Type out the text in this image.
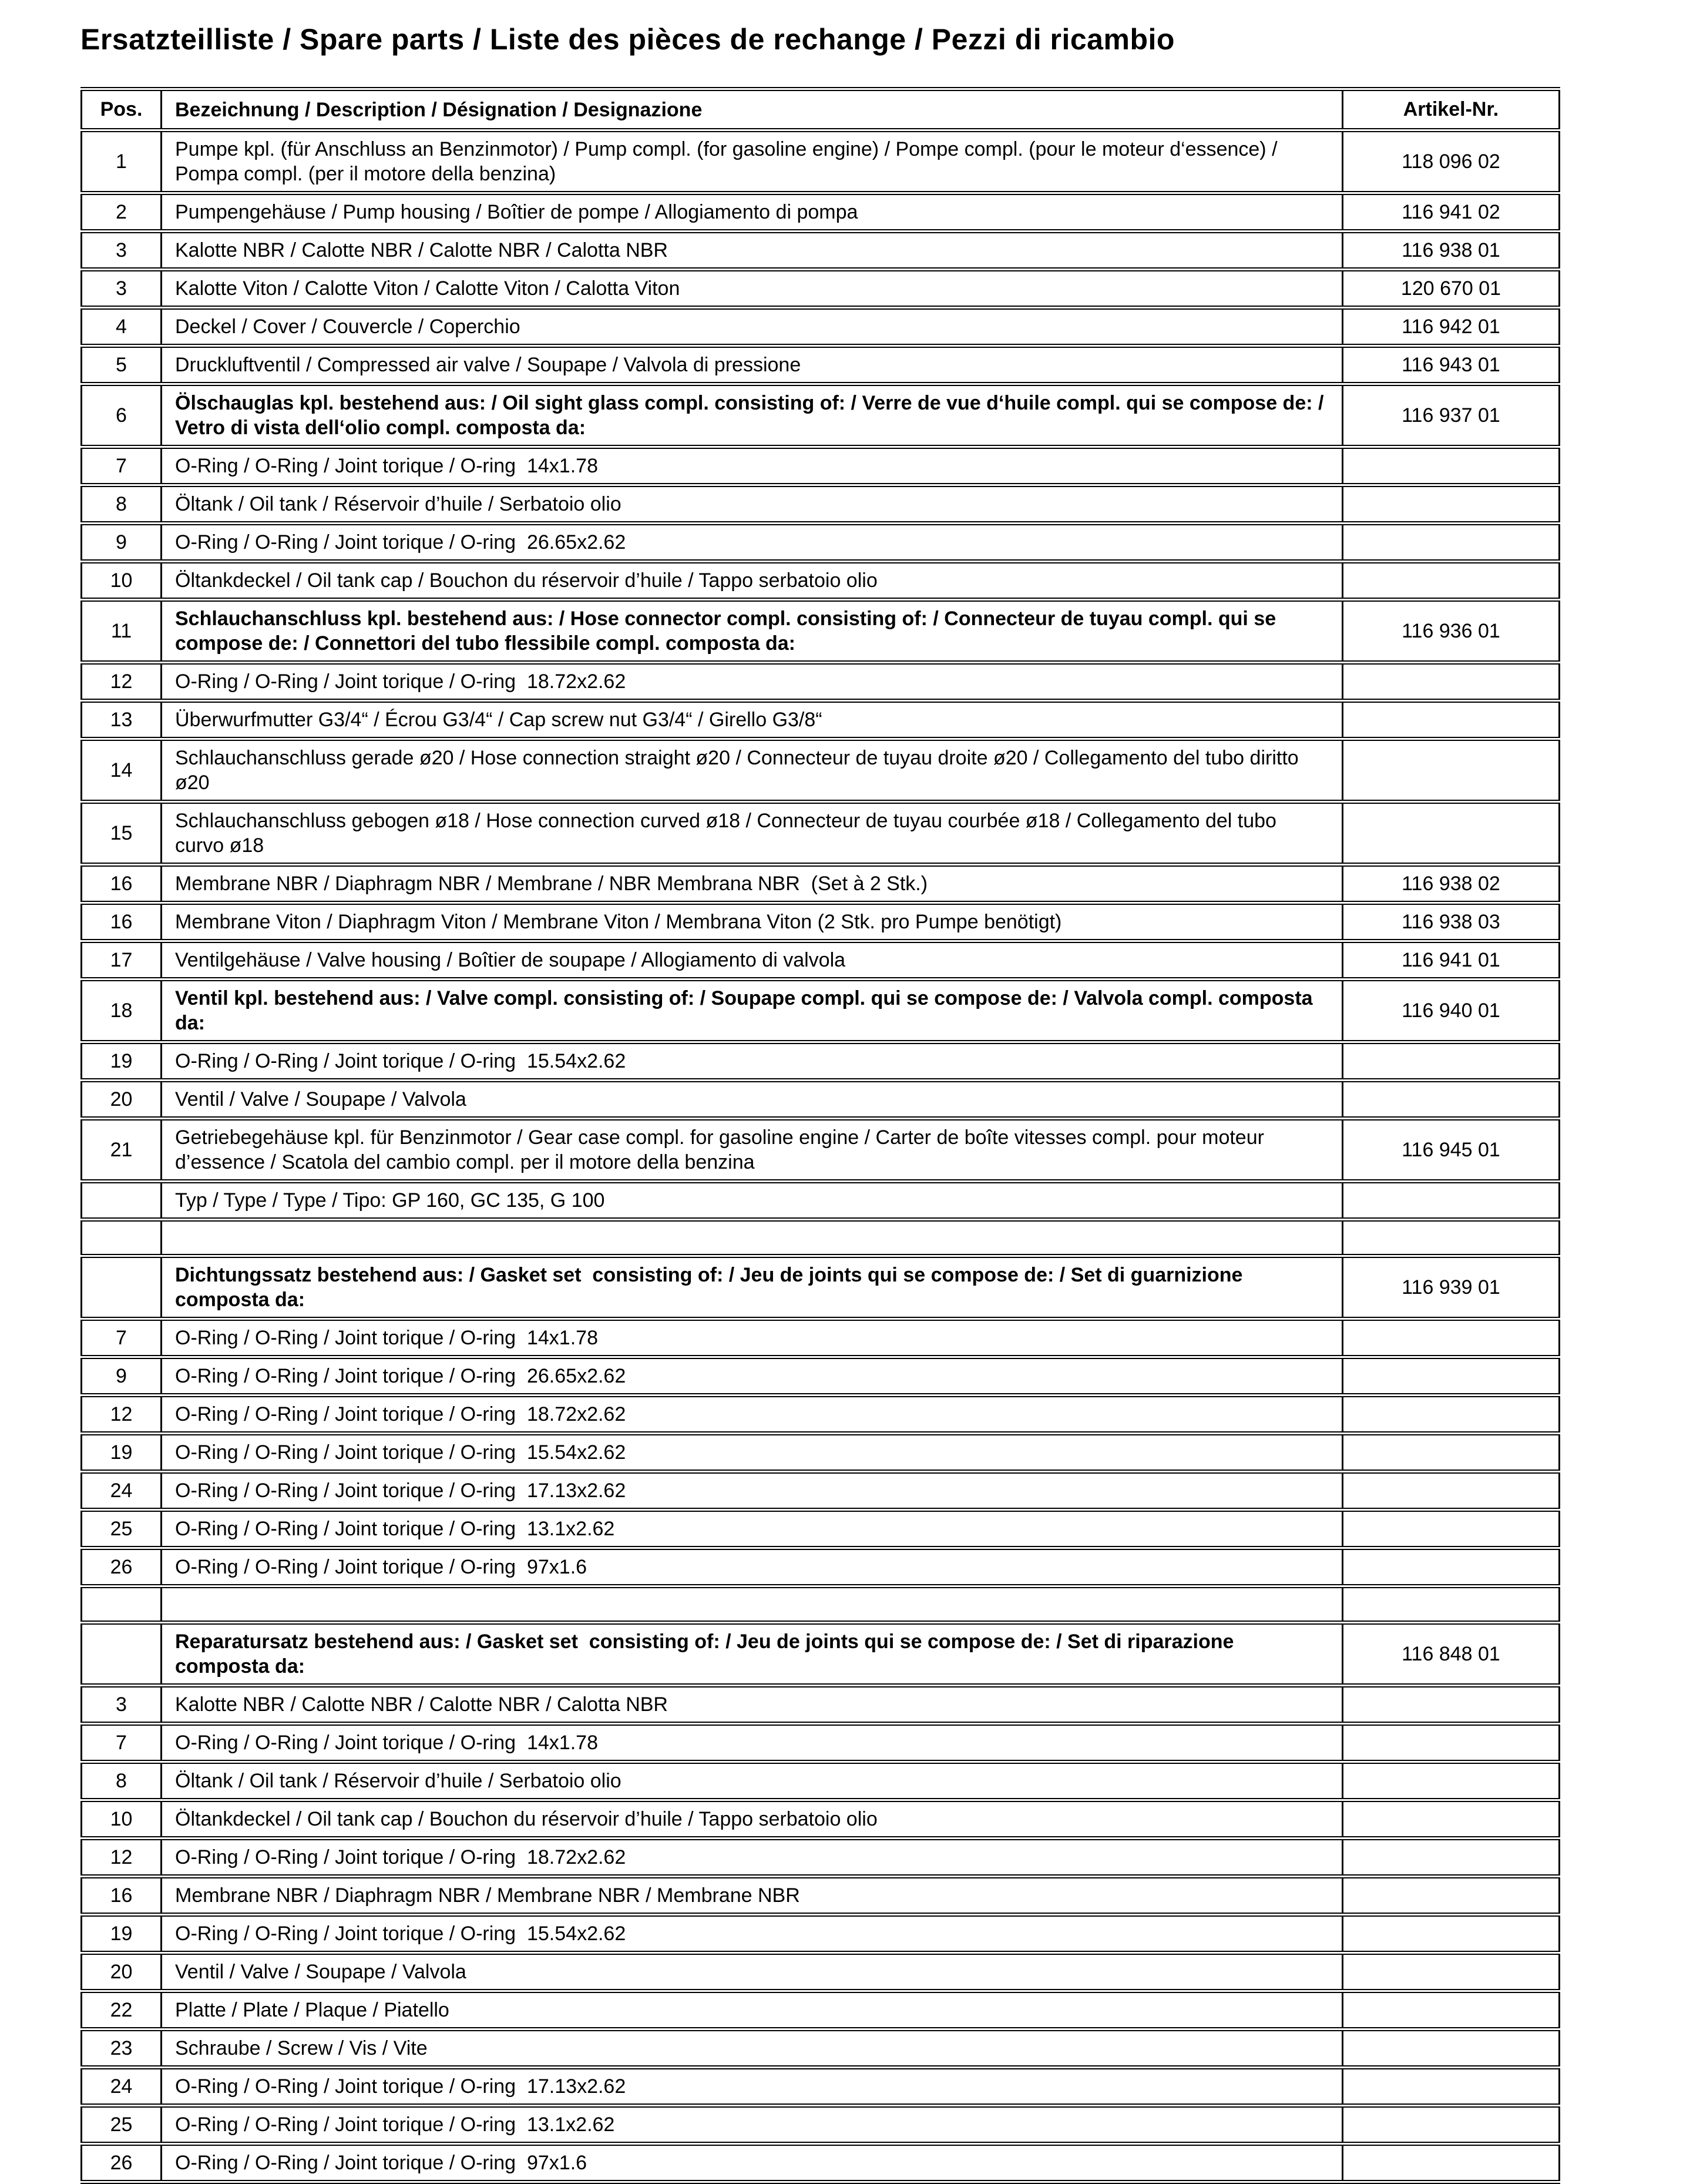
Ersatzteilliste / Spare parts / Liste des pièces de rechange / Pezzi di ricambio
Pos.	Bezeichnung / Description / Désignation / Designazione	Artikel-Nr.
1	Pumpe kpl. (für Anschluss an Benzinmotor) / Pump compl. (for gasoline engine) / Pompe compl. (pour le moteur d‘essence) / Pompa compl. (per il motore della benzina)	118 096 02
2	Pumpengehäuse / Pump housing / Boîtier de pompe / Allogiamento di pompa	116 941 02
3	Kalotte NBR / Calotte NBR / Calotte NBR / Calotta NBR	116 938 01
3	Kalotte Viton / Calotte Viton / Calotte Viton / Calotta Viton	120 670 01
4	Deckel / Cover / Couvercle / Coperchio	116 942 01
5	Druckluftventil / Compressed air valve / Soupape / Valvola di pressione	116 943 01
6	Ölschauglas kpl. bestehend aus: / Oil sight glass compl. consisting of: / Verre de vue d‘huile compl. qui se compose de: / Vetro di vista dell‘olio compl. composta da:	116 937 01
7	O-Ring / O-Ring / Joint torique / O-ring  14x1.78	
8	Öltank / Oil tank / Réservoir d’huile / Serbatoio olio	
9	O-Ring / O-Ring / Joint torique / O-ring  26.65x2.62	
10	Öltankdeckel / Oil tank cap / Bouchon du réservoir d’huile / Tappo serbatoio olio	
11	Schlauchanschluss kpl. bestehend aus: / Hose connector compl. consisting of: / Connecteur de tuyau compl. qui se compose de: / Connettori del tubo flessibile compl. composta da:	116 936 01
12	O-Ring / O-Ring / Joint torique / O-ring  18.72x2.62	
13	Überwurfmutter G3/4“ / Écrou G3/4“ / Cap screw nut G3/4“ / Girello G3/8“	
14	Schlauchanschluss gerade ø20 / Hose connection straight ø20 / Connecteur de tuyau droite ø20 / Collegamento del tubo diritto ø20	
15	Schlauchanschluss gebogen ø18 / Hose connection curved ø18 / Connecteur de tuyau courbée ø18 / Collegamento del tubo curvo ø18	
16	Membrane NBR / Diaphragm NBR / Membrane / NBR Membrana NBR  (Set à 2 Stk.)	116 938 02
16	Membrane Viton / Diaphragm Viton / Membrane Viton / Membrana Viton (2 Stk. pro Pumpe benötigt)	116 938 03
17	Ventilgehäuse / Valve housing / Boîtier de soupape / Allogiamento di valvola	116 941 01
18	Ventil kpl. bestehend aus: / Valve compl. consisting of: / Soupape compl. qui se compose de: / Valvola compl. composta da:	116 940 01
19	O-Ring / O-Ring / Joint torique / O-ring  15.54x2.62	
20	Ventil / Valve / Soupape / Valvola	
21	Getriebegehäuse kpl. für Benzinmotor / Gear case compl. for gasoline engine / Carter de boîte vitesses compl. pour moteur d’essence / Scatola del cambio compl. per il motore della benzina	116 945 01
	Typ / Type / Type / Tipo: GP 160, GC 135, G 100	

	Dichtungssatz bestehend aus: / Gasket set  consisting of: / Jeu de joints qui se compose de: / Set di guarnizione composta da:	116 939 01
7	O-Ring / O-Ring / Joint torique / O-ring  14x1.78	
9	O-Ring / O-Ring / Joint torique / O-ring  26.65x2.62	
12	O-Ring / O-Ring / Joint torique / O-ring  18.72x2.62	
19	O-Ring / O-Ring / Joint torique / O-ring  15.54x2.62	
24	O-Ring / O-Ring / Joint torique / O-ring  17.13x2.62	
25	O-Ring / O-Ring / Joint torique / O-ring  13.1x2.62	
26	O-Ring / O-Ring / Joint torique / O-ring  97x1.6	

	Reparatursatz bestehend aus: / Gasket set  consisting of: / Jeu de joints qui se compose de: / Set di riparazione composta da:	116 848 01
3	Kalotte NBR / Calotte NBR / Calotte NBR / Calotta NBR	
7	O-Ring / O-Ring / Joint torique / O-ring  14x1.78	
8	Öltank / Oil tank / Réservoir d’huile / Serbatoio olio	
10	Öltankdeckel / Oil tank cap / Bouchon du réservoir d’huile / Tappo serbatoio olio	
12	O-Ring / O-Ring / Joint torique / O-ring  18.72x2.62	
16	Membrane NBR / Diaphragm NBR / Membrane NBR / Membrane NBR	
19	O-Ring / O-Ring / Joint torique / O-ring  15.54x2.62	
20	Ventil / Valve / Soupape / Valvola	
22	Platte / Plate / Plaque / Piatello	
23	Schraube / Screw / Vis / Vite	
24	O-Ring / O-Ring / Joint torique / O-ring  17.13x2.62	
25	O-Ring / O-Ring / Joint torique / O-ring  13.1x2.62	
26	O-Ring / O-Ring / Joint torique / O-ring  97x1.6	
